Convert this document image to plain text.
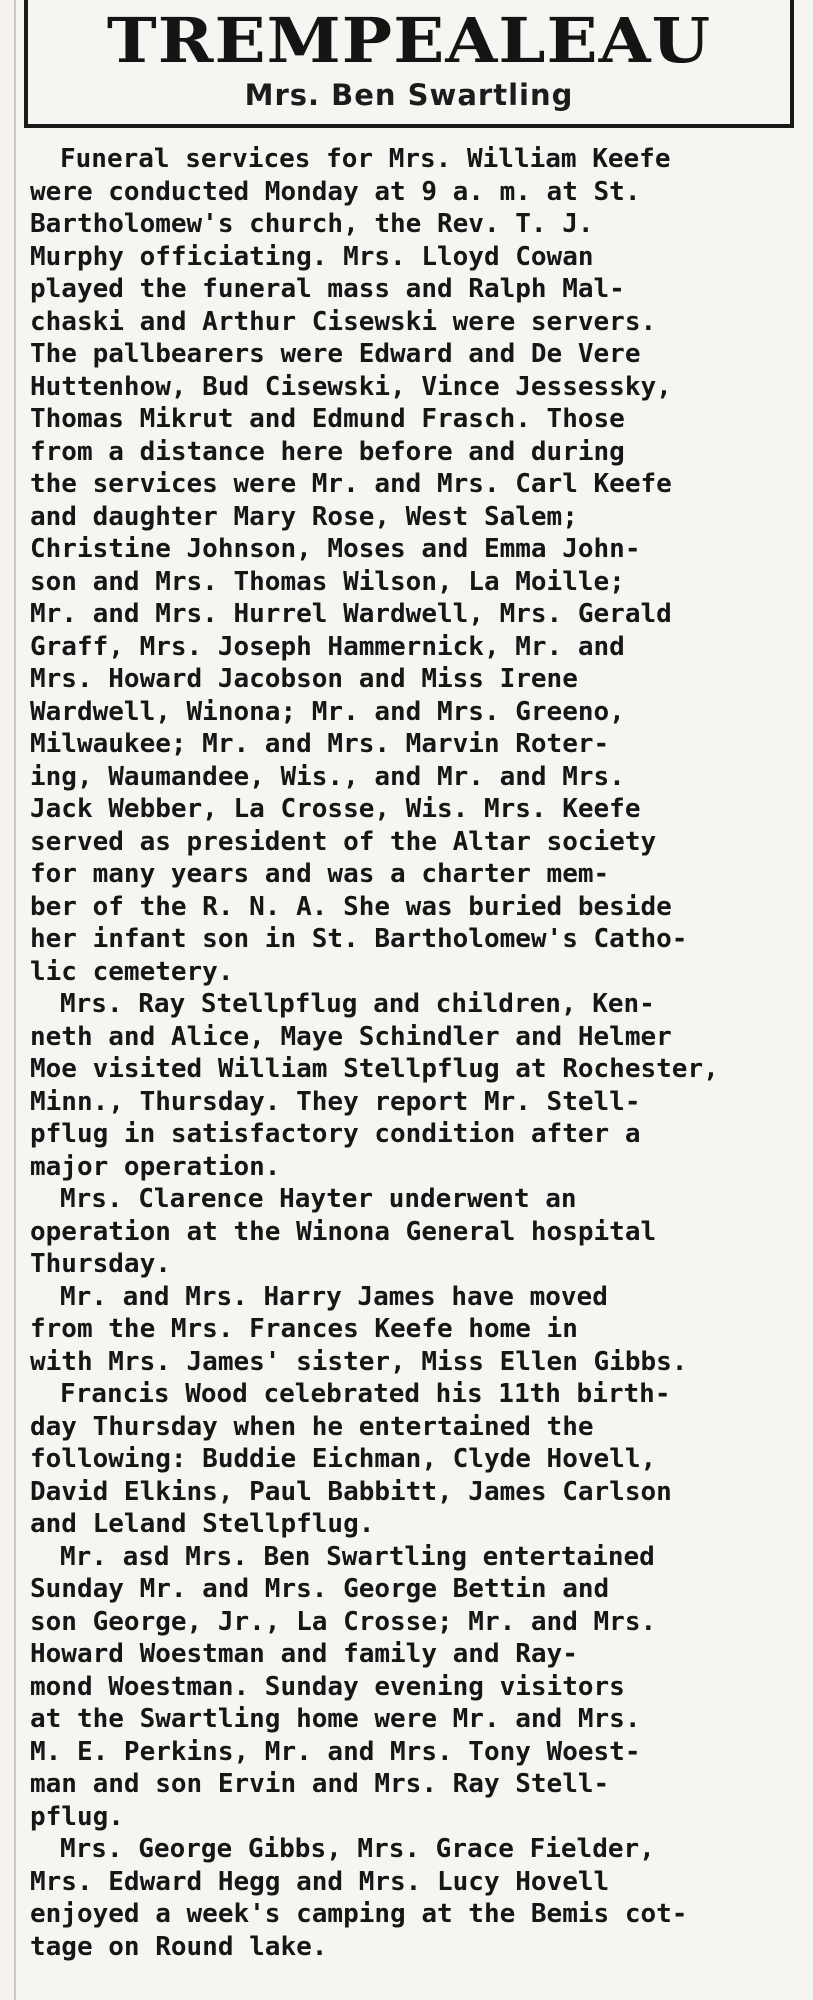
TREMPEALEAU
Mrs. Ben Swartling
Funeral services for Mrs. William Keefe
were conducted Monday at 9 a. m. at St.
Bartholomew's church, the Rev. T. J.
Murphy officiating. Mrs. Lloyd Cowan
played the funeral mass and Ralph Mal-
chaski and Arthur Cisewski were servers.
The pallbearers were Edward and De Vere
Huttenhow, Bud Cisewski, Vince Jessessky,
Thomas Mikrut and Edmund Frasch. Those
from a distance here before and during
the services were Mr. and Mrs. Carl Keefe
and daughter Mary Rose, West Salem;
Christine Johnson, Moses and Emma John-
son and Mrs. Thomas Wilson, La Moille;
Mr. and Mrs. Hurrel Wardwell, Mrs. Gerald
Graff, Mrs. Joseph Hammernick, Mr. and
Mrs. Howard Jacobson and Miss Irene
Wardwell, Winona; Mr. and Mrs. Greeno,
Milwaukee; Mr. and Mrs. Marvin Roter-
ing, Waumandee, Wis., and Mr. and Mrs.
Jack Webber, La Crosse, Wis. Mrs. Keefe
served as president of the Altar society
for many years and was a charter mem-
ber of the R. N. A. She was buried beside
her infant son in St. Bartholomew's Catho-
lic cemetery.
Mrs. Ray Stellpflug and children, Ken-
neth and Alice, Maye Schindler and Helmer
Moe visited William Stellpflug at Rochester,
Minn., Thursday. They report Mr. Stell-
pflug in satisfactory condition after a
major operation.
Mrs. Clarence Hayter underwent an
operation at the Winona General hospital
Thursday.
Mr. and Mrs. Harry James have moved
from the Mrs. Frances Keefe home in
with Mrs. James' sister, Miss Ellen Gibbs.
Francis Wood celebrated his 11th birth-
day Thursday when he entertained the
following: Buddie Eichman, Clyde Hovell,
David Elkins, Paul Babbitt, James Carlson
and Leland Stellpflug.
Mr. asd Mrs. Ben Swartling entertained
Sunday Mr. and Mrs. George Bettin and
son George, Jr., La Crosse; Mr. and Mrs.
Howard Woestman and family and Ray-
mond Woestman. Sunday evening visitors
at the Swartling home were Mr. and Mrs.
M. E. Perkins, Mr. and Mrs. Tony Woest-
man and son Ervin and Mrs. Ray Stell-
pflug.
Mrs. George Gibbs, Mrs. Grace Fielder,
Mrs. Edward Hegg and Mrs. Lucy Hovell
enjoyed a week's camping at the Bemis cot-
tage on Round lake.
